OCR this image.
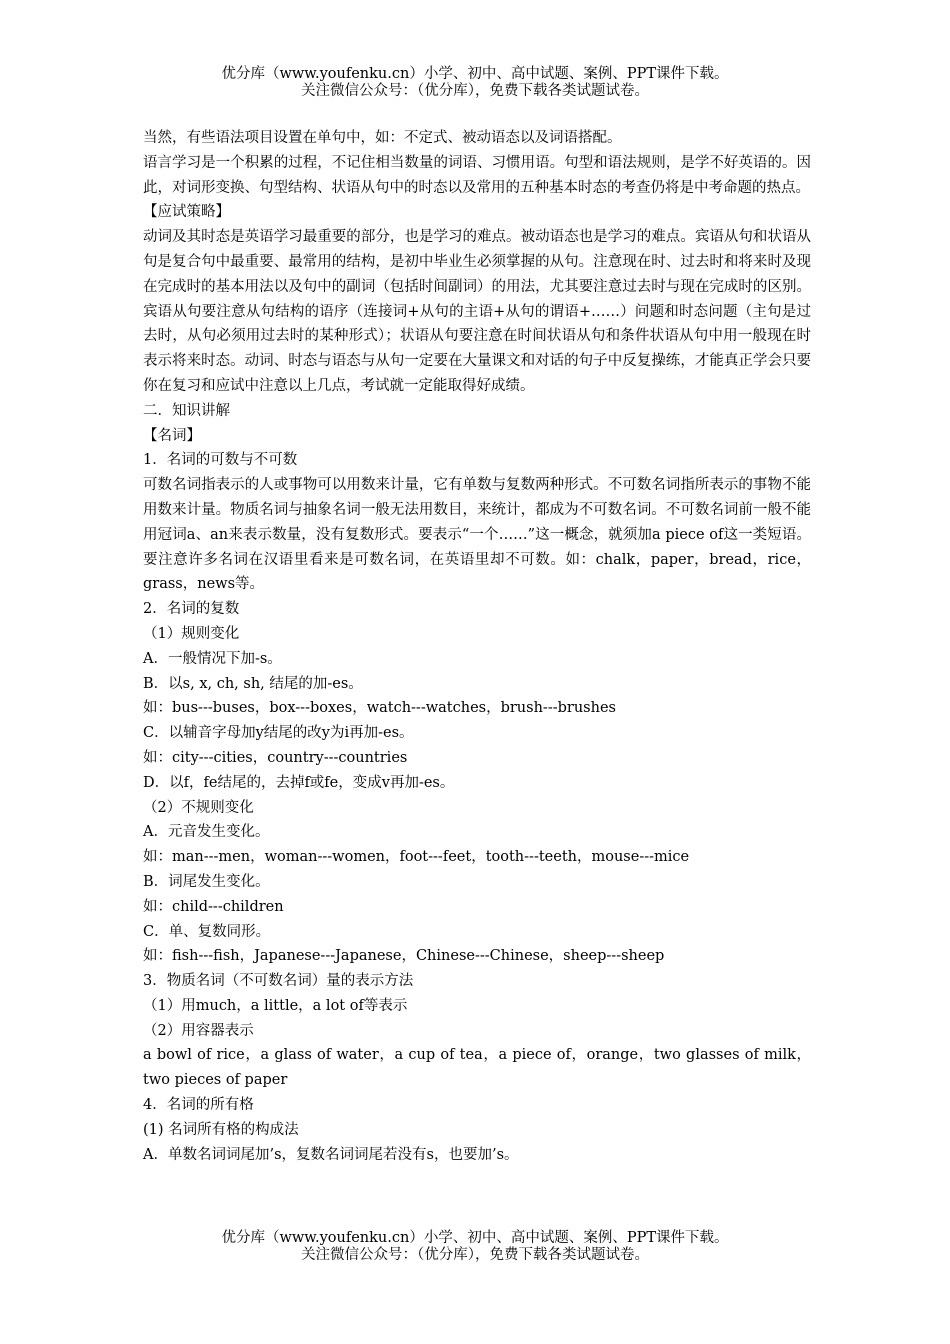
优分库（www.youfenku.cn）小学、初中、高中试题、案例、PPT课件下载。
关注微信公众号：（优分库），免费下载各类试题试卷。

当然，有些语法项目设置在单句中，如：不定式、被动语态以及词语搭配。

语言学习是一个积累的过程，不记住相当数量的词语、习惯用语。句型和语法规则，是学不好英语的。因此，对词形变换、句型结构、状语从句中的时态以及常用的五种基本时态的考查仍将是中考命题的热点。

【应试策略】

动词及其时态是英语学习最重要的部分，也是学习的难点。被动语态也是学习的难点。宾语从句和状语从句是复合句中最重要、最常用的结构，是初中毕业生必须掌握的从句。注意现在时、过去时和将来时及现在完成时的基本用法以及句中的副词（包括时间副词）的用法，尤其要注意过去时与现在完成时的区别。宾语从句要注意从句结构的语序（连接词+从句的主语+从句的谓语+……）问题和时态问题（主句是过去时，从句必须用过去时的某种形式）；状语从句要注意在时间状语从句和条件状语从句中用一般现在时表示将来时态。动词、时态与语态与从句一定要在大量课文和对话的句子中反复操练，才能真正学会只要你在复习和应试中注意以上几点，考试就一定能取得好成绩。

二．知识讲解

【名词】

1．名词的可数与不可数

可数名词指表示的人或事物可以用数来计量，它有单数与复数两种形式。不可数名词指所表示的事物不能用数来计量。物质名词与抽象名词一般无法用数目，来统计，都成为不可数名词。不可数名词前一般不能用冠词a、an来表示数量，没有复数形式。要表示“一个……”这一概念，就须加a piece of这一类短语。要注意许多名词在汉语里看来是可数名词，在英语里却不可数。如：chalk，paper，bread，rice，grass，news等。

2．名词的复数

（1）规则变化

A．一般情况下加-s。

B．以s, x, ch, sh, 结尾的加-es。

如：bus---buses，box---boxes，watch---watches，brush---brushes

C．以辅音字母加y结尾的改y为i再加-es。

如：city---cities，country---countries

D．以f，fe结尾的，去掉f或fe，变成v再加-es。

（2）不规则变化

A．元音发生变化。

如：man---men，woman---women，foot---feet，tooth---teeth，mouse---mice

B．词尾发生变化。

如：child---children

C．单、复数同形。

如：fish---fish，Japanese---Japanese，Chinese---Chinese，sheep---sheep

3．物质名词（不可数名词）量的表示方法

（1）用much，a little，a lot of等表示

（2）用容器表示

a bowl of rice，a glass of water，a cup of tea，a piece of，orange，two glasses of milk，two pieces of paper

4．名词的所有格

(1) 名词所有格的构成法

A．单数名词词尾加’s，复数名词词尾若没有s，也要加’s。

优分库（www.youfenku.cn）小学、初中、高中试题、案例、PPT课件下载。
关注微信公众号：（优分库），免费下载各类试题试卷。
